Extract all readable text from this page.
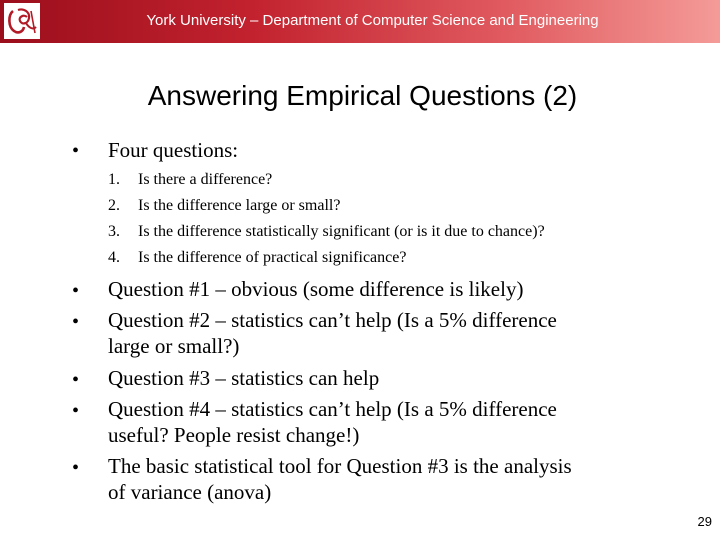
York University – Department of Computer Science and Engineering
Answering Empirical Questions (2)
• Four questions:
1. Is there a difference?
2. Is the difference large or small?
3. Is the difference statistically significant (or is it due to chance)?
4. Is the difference of practical significance?
• Question #1 – obvious (some difference is likely)
• Question #2 – statistics can’t help (Is a 5% difference
large or small?)
• Question #3 – statistics can help
• Question #4 – statistics can’t help (Is a 5% difference
useful? People resist change!)
• The basic statistical tool for Question #3 is the analysis
of variance (anova)
29
